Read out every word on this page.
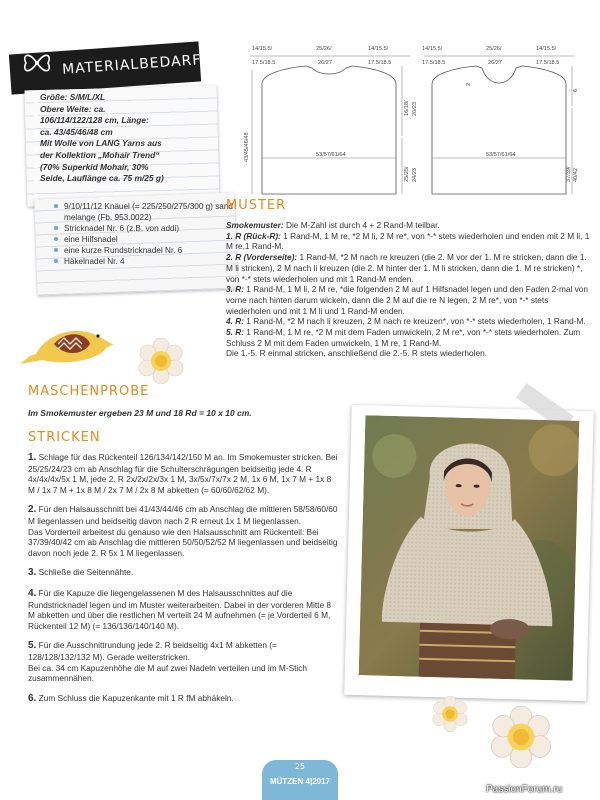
MATERIALBEDARF
Größe: S/M/L/XL
Obere Weite: ca.
106/114/122/128 cm, Länge:
ca. 43/45/46/48 cm
Mit Wolle von LANG Yarns aus
der Kollektion „Mohair Trend“
(70% Superkid Mohair, 30%
Seide, Lauflänge ca. 75 m/25 g)
9/10/11/12 Knäuel (= 225/250/275/300 g) sand melange (Fb. 953.0022)
Stricknadel Nr. 6 (z.B. von addi)
eine Hilfsnadel
eine kurze Rundstricknadel Nr. 6
Häkelnadel Nr. 4
14/15.5/
17.5/18.5
25/26/
26/27
14/15.5/
17.5/18.5
53/57/61/64
43/45/46/48
16/18/ 20/23
25/25/ 24/23
14/15.5/
17.5/18.5
25/26/
26/27
14/15.5/
17.5/18.5
53/57/61/64
6
37/39/ 40/42
2
MUSTER

Smokemuster: Die M-Zahl ist durch 4 + 2 Rand-M teilbar.

1. R (Rück-R): 1 Rand-M, 1 M re, *2 M li, 2 M re*, von *-* stets wiederholen und enden mit 2 M li, 1 M re,1 Rand-M.

2. R (Vorderseite): 1 Rand-M, *2 M nach re kreuzen (die 2. M vor der 1. M re stricken, dann die 1. M li stricken), 2 M nach li kreuzen (die 2. M hinter der 1. M li stricken, dann die 1. M re stricken) *, von *-* stets wiederholen und mit 1 Rand-M enden.

3. R: 1 Rand-M, 1 M li, 2 M re, *die folgenden 2 M auf 1 Hilfsnadel legen und den Faden 2-mal von vorne nach hinten darum wickeln, dann die 2 M auf die re N legen, 2 M re*, von *-* stets wiederholen und mit 1 M li und 1 Rand-M enden.

4. R: 1 Rand-M, *2 M nach li kreuzen, 2 M nach re kreuzen*, von *-* stets wiederholen, 1 Rand-M.

5. R: 1 Rand-M, 1 M re, *2 M mit dem Faden umwickeln, 2 M re*, von *-* stets wiederholen. Zum Schluss 2 M mit dem Faden umwickeln, 1 M re, 1 Rand-M.

Die 1.-5. R einmal stricken, anschließend die 2.-5. R stets wiederholen.

MASCHENPROBE
Im Smokemuster ergeben 23 M und 18 Rd = 10 x 10 cm.
STRICKEN

1. Schlage für das Rückenteil 126/134/142/150 M an. Im Smokemuster stricken. Bei 25/25/24/23 cm ab Anschlag für die Schulterschrägungen beidseitig jede 4. R 4x/4x/4x/5x 1 M, jede 2. R 2x/2x/2x/3x 1 M, 3x/5x/7x/7x 2 M, 1x 6 M, 1x 7 M + 1x 8 M / 1x 7 M + 1x 8 M / 2x 7 M / 2x 8 M abketten (= 60/60/62/62 M).

2. Für den Halsausschnitt bei 41/43/44/46 cm ab Anschlag die mittleren 58/58/60/60 M liegenlassen und beidseitig davon nach 2 R erneut 1x 1 M liegenlassen.

Das Vorderteil arbeitest du genauso wie den Halsausschnitt am Rückenteil: Bei 37/39/40/42 cm ab Anschlag die mittleren 50/50/52/52 M liegenlassen und beidseitig davon noch jede 2. R 5x 1 M liegenlassen.

3. Schließe die Seitennähte.

4. Für die Kapuze die liegengelassenen M des Halsausschnittes auf die Rundstricknadel legen und im Muster weiterarbeiten. Dabei in der vorderen Mitte 8 M abketten und über die restlichen M verteilt 24 M aufnehmen (= je Vorderteil 6 M, Rückenteil 12 M) (= 136/136/140/140 M).

5. Für die Ausschnittrundung jede 2. R beidseitig 4x1 M abketten (= 128/128/132/132 M). Gerade weiterstricken.

Bei ca. 34 cm Kapuzenhöhe die M auf zwei Nadeln verteilen und im M-Stich zusammennähen.

6. Zum Schluss die Kapuzenkante mit 1 R fM abhäkeln.

25
MÜTZEN 4|2017
PassionForum.ru
